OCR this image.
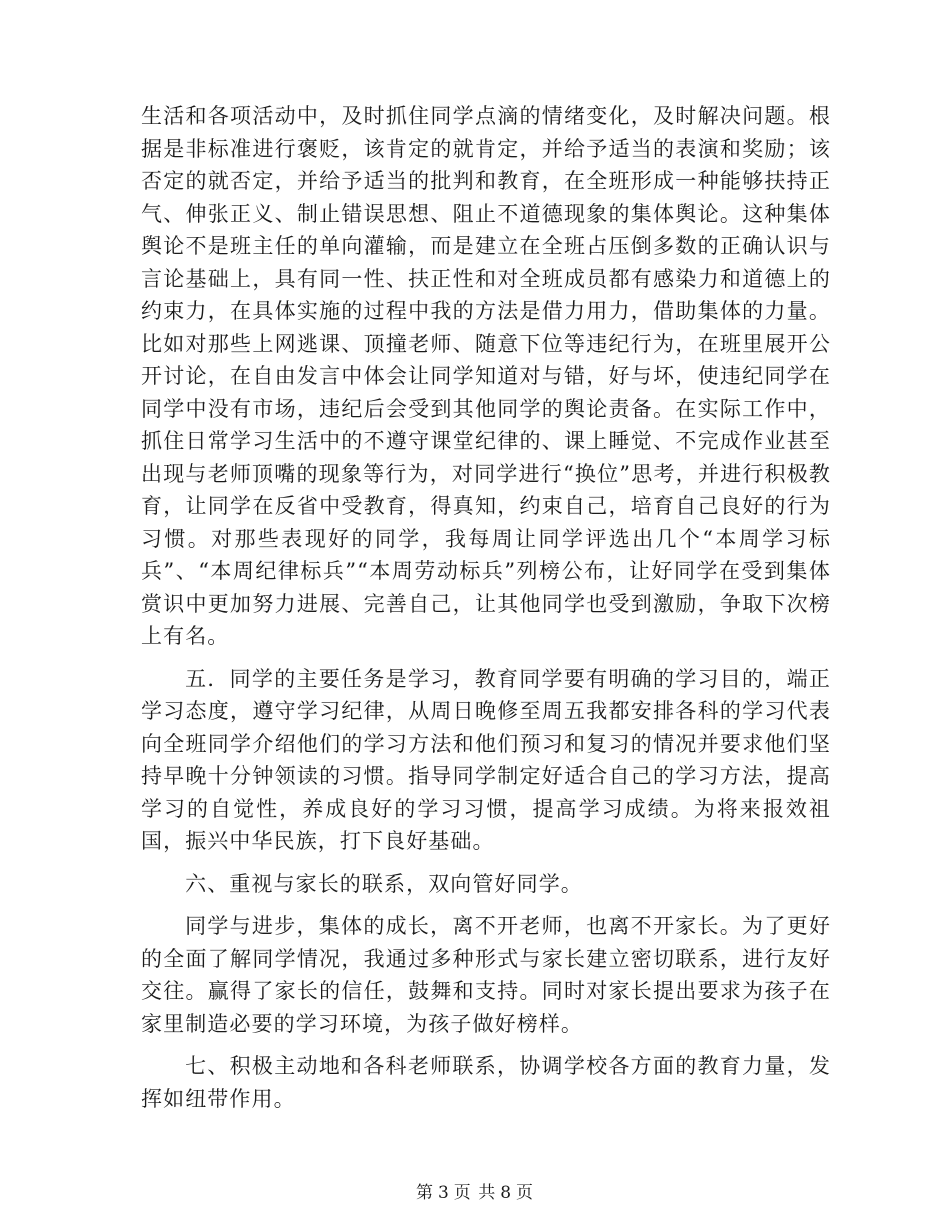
生活和各项活动中，及时抓住同学点滴的情绪变化，及时解决问题。根据是非标准进行褒贬，该肯定的就肯定，并给予适当的表演和奖励；该否定的就否定，并给予适当的批判和教育，在全班形成一种能够扶持正气、伸张正义、制止错误思想、阻止不道德现象的集体舆论。这种集体舆论不是班主任的单向灌输，而是建立在全班占压倒多数的正确认识与言论基础上，具有同一性、扶正性和对全班成员都有感染力和道德上的约束力，在具体实施的过程中我的方法是借力用力，借助集体的力量。比如对那些上网逃课、顶撞老师、随意下位等违纪行为，在班里展开公开讨论，在自由发言中体会让同学知道对与错，好与坏，使违纪同学在同学中没有市场，违纪后会受到其他同学的舆论责备。在实际工作中，抓住日常学习生活中的不遵守课堂纪律的、课上睡觉、不完成作业甚至出现与老师顶嘴的现象等行为，对同学进行“换位”思考，并进行积极教育，让同学在反省中受教育，得真知，约束自己，培育自己良好的行为习惯。对那些表现好的同学，我每周让同学评选出几个“本周学习标兵”、“本周纪律标兵”“本周劳动标兵”列榜公布，让好同学在受到集体赏识中更加努力进展、完善自己，让其他同学也受到激励，争取下次榜上有名。

五．同学的主要任务是学习，教育同学要有明确的学习目的，端正学习态度，遵守学习纪律，从周日晚修至周五我都安排各科的学习代表向全班同学介绍他们的学习方法和他们预习和复习的情况并要求他们坚持早晚十分钟领读的习惯。指导同学制定好适合自己的学习方法，提高学习的自觉性，养成良好的学习习惯，提高学习成绩。为将来报效祖国，振兴中华民族，打下良好基础。

六、重视与家长的联系，双向管好同学。

同学与进步，集体的成长，离不开老师，也离不开家长。为了更好的全面了解同学情况，我通过多种形式与家长建立密切联系，进行友好交往。赢得了家长的信任，鼓舞和支持。同时对家长提出要求为孩子在家里制造必要的学习环境，为孩子做好榜样。

七、积极主动地和各科老师联系，协调学校各方面的教育力量，发挥如纽带作用。

第 3 页 共 8 页
